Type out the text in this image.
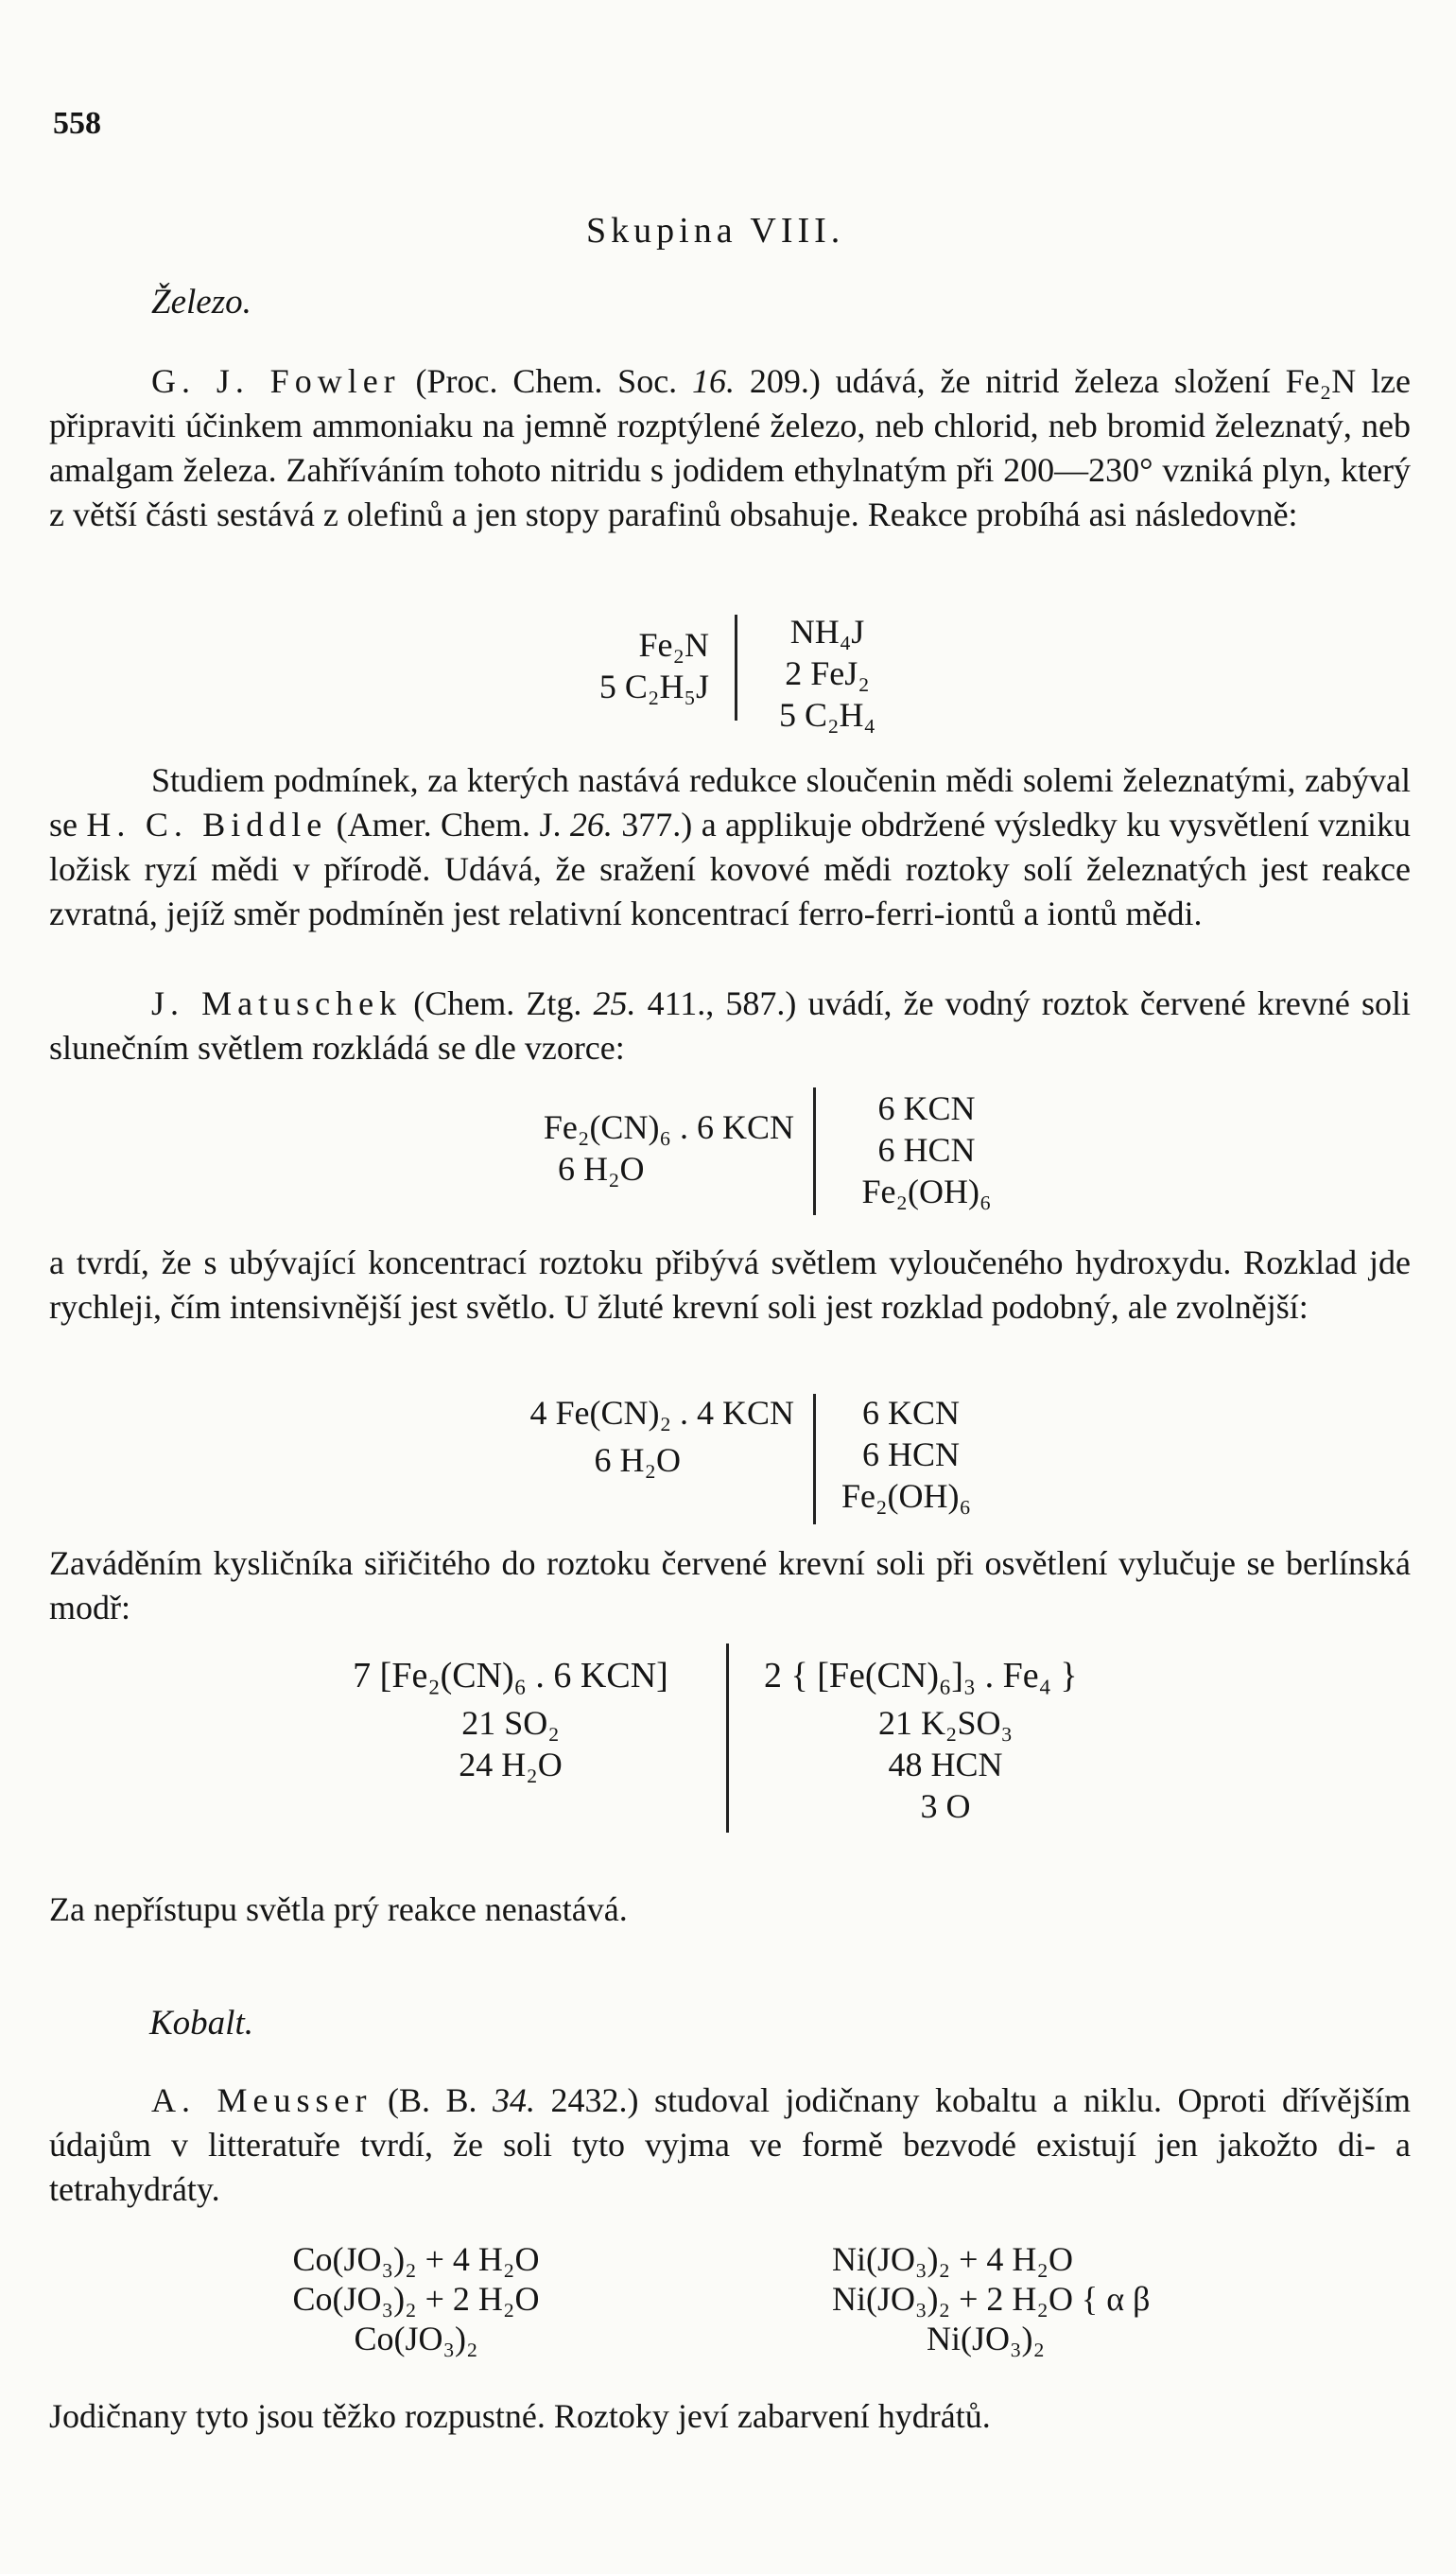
558
Skupina VIII.
Železo.
G. J. Fowler (Proc. Chem. Soc. 16. 209.) udává, že nitrid železa složení Fe₂N lze připraviti účinkem ammoniaku na jemně rozptýlené železo, neb chlorid, neb bromid železnatý, neb amalgam železa. Zahříváním tohoto nitridu s jodidem ethylnatým při 200—230° vzniká plyn, který z větší části sestává z olefinů a jen stopy parafinů obsahuje. Reakce probíhá asi následovně:
Fe₂N
5 C₂H₅J
NH₄J
2 FeJ₂
5 C₂H₄
Studiem podmínek, za kterých nastává redukce sloučenin mědi solemi železnatými, zabýval se H. C. Biddle (Amer. Chem. J. 26. 377.) a applikuje obdržené výsledky ku vysvětlení vzniku ložisk ryzí mědi v přírodě. Udává, že sražení kovové mědi roztoky solí železnatých jest reakce zvratná, jejíž směr podmíněn jest relativní koncentrací ferro-ferri-iontů a iontů mědi.
J. Matuschek (Chem. Ztg. 25. 411., 587.) uvádí, že vodný roztok červené krevné soli slunečním světlem rozkládá se dle vzorce:
Fe₂(CN)₆ . 6 KCN
6 H₂O
6 KCN
6 HCN
Fe₂(OH)₆
a tvrdí, že s ubývající koncentrací roztoku přibývá světlem vyloučeného hydroxydu. Rozklad jde rychleji, čím intensivnější jest světlo. U žluté krevní soli jest rozklad podobný, ale zvolnější:
4 Fe(CN)₂ . 4 KCN
6 H₂O
6 KCN
6 HCN
Fe₂(OH)₆
Zaváděním kysličníka siřičitého do roztoku červené krevní soli při osvětlení vylučuje se berlínská modř:
7 [Fe₂(CN)₆ . 6 KCN]
21 SO₂
24 H₂O
2 { [Fe(CN)₆]₃ . Fe₄ }
21 K₂SO₃
48 HCN
3 O
Za nepřístupu světla prý reakce nenastává.
Kobalt.
A. Meusser (B. B. 34. 2432.) studoval jodičnany kobaltu a niklu. Oproti dřívějším údajům v litteratuře tvrdí, že soli tyto vyjma ve formě bezvodé existují jen jakožto di- a tetrahydráty.
Co(JO₃)₂ + 4 H₂O
Co(JO₃)₂ + 2 H₂O
Co(JO₃)₂
Ni(JO₃)₂ + 4 H₂O
Ni(JO₃)₂ + 2 H₂O { α β
Ni(JO₃)₂
Jodičnany tyto jsou těžko rozpustné. Roztoky jeví zabarvení hydrátů.
